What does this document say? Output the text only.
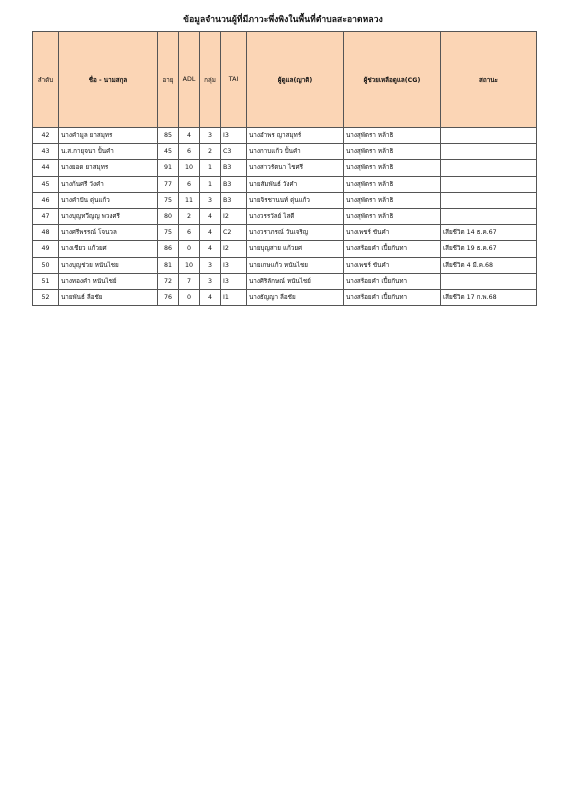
ข้อมูลจำนวนผู้ที่มีภาวะพึ่งพิงในพื้นที่ตำบลสะอาดหลวง
ลำดับ	ชื่อ - นามสกุล	อายุ	ADL	กลุ่ม	TAI	ผู้ดูแล(ญาติ)	ผู้ช่วยเหลือดูแล(CG)	สถานะ
42	นางคำมูล ยาสมุทร	85	4	3	I3	นางอำพร ญาสมุทร์	นางสุพัตรา หล้าธิ	
43	น.ส.กายุจนา ปั้นคำ	45	6	2	C3	นางกาบแก้ว ปั้นคำ	นางสุพัตรา หล้าธิ	
44	นางยอด ยาสมุทร	91	10	1	B3	นางสาวรัตนา ไชศรี	นางสุพัตรา หล้าธิ	
45	นางก้นศรี วังคำ	77	6	1	B3	นายสัมพันธ์ วังคำ	นางสุพัตรา หล้าธิ	
46	นางคำปัน ตุ่นแก้ว	75	11	3	B3	นายจิรชานนท์ ตุ่นแก้ว	นางสุพัตรา หล้าธิ	
47	นางบุญทวีญญ พวงศรี	80	2	4	I2	นางวรรวัลย์ ไสตี	นางสุพัตรา หล้าธิ	
48	นางศรีพรรณ์ โจนวล	75	6	4	C2	นางวราภรณ์ วันเจริญ	นางเพชร์ ขันคำ	เสียชีวิต 14 ธ.ค.67
49	นางเชียว แก้วยศ	86	0	4	I2	นายบุญสาย แก้วยศ	นางสร้อยคำ เปี้ยกันทา	เสียชีวิต 19 ธ.ค.67
50	นางบุญช่วย หนันไชย	81	10	3	I3	นายเกษแก้ว หนันไชย	นางเพชร์ ขันคำ	เสียชีวิต 4 มี.ค.68
51	นางทองคำ หนันไชย์	72	7	3	I3	นางศิริลักษณ์ หนันไชย์	นางสร้อยคำ เปี้ยกันทา	
52	นายพันธ์ ลือชัย	76	0	4	I1	นางธัญญา ลือชัย	นางสร้อยคำ เปี้ยกันทา	เสียชีวิต 17 ก.พ.68
